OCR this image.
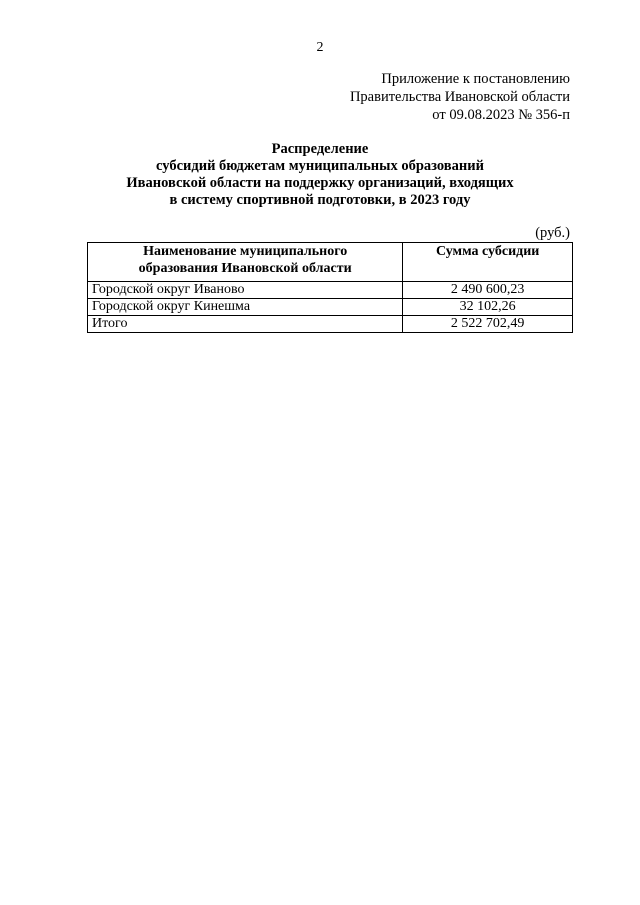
2
Приложение к постановлению
Правительства Ивановской области
от 09.08.2023 № 356-п
Распределение
субсидий бюджетам муниципальных образований
Ивановской области на поддержку организаций, входящих
в систему спортивной подготовки, в 2023 году
(руб.)
Наименование муниципального
образования Ивановской области	Сумма субсидии
Городской округ Иваново	2 490 600,23
Городской округ Кинешма	32 102,26
Итого	2 522 702,49
